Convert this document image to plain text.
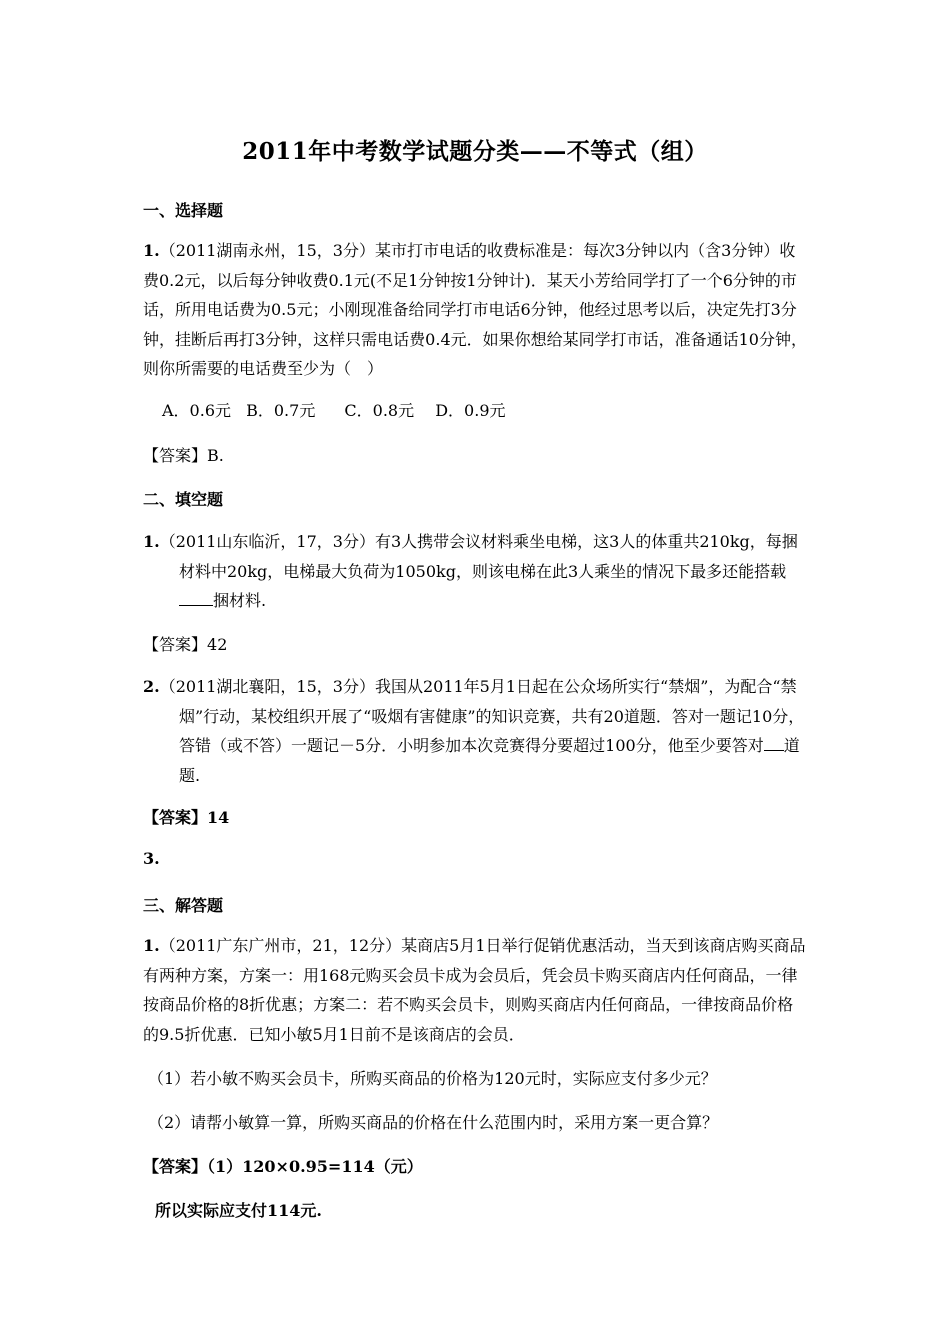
2011年中考数学试题分类——不等式（组）
一、选择题
1.（2011湖南永州，15，3分）某市打市电话的收费标准是：每次3分钟以内（含3分钟）收费0.2元，以后每分钟收费0.1元(不足1分钟按1分钟计)．某天小芳给同学打了一个6分钟的市话，所用电话费为0.5元；小刚现准备给同学打市电话6分钟，他经过思考以后，决定先打3分钟，挂断后再打3分钟，这样只需电话费0.4元．如果你想给某同学打市话，准备通话10分钟，则你所需要的电话费至少为（　）
A．0.6元 B．0.7元 C．0.8元 D．0.9元
【答案】B.
二、填空题
1.（2011山东临沂，17，3分）有3人携带会议材料乘坐电梯，这3人的体重共210kg，每捆材料中20kg，电梯最大负荷为1050kg，则该电梯在此3人乘坐的情况下最多还能搭载捆材料.
【答案】42
2.（2011湖北襄阳，15，3分）我国从2011年5月1日起在公众场所实行“禁烟”，为配合“禁烟”行动，某校组织开展了“吸烟有害健康”的知识竞赛，共有20道题．答对一题记10分，答错（或不答）一题记－5分．小明参加本次竞赛得分要超过100分，他至少要答对 道题.
【答案】14
3.
三、解答题
1.（2011广东广州市，21，12分）某商店5月1日举行促销优惠活动，当天到该商店购买商品有两种方案，方案一：用168元购买会员卡成为会员后，凭会员卡购买商店内任何商品，一律按商品价格的8折优惠；方案二：若不购买会员卡，则购买商店内任何商品，一律按商品价格的9.5折优惠．已知小敏5月1日前不是该商店的会员．
（1）若小敏不购买会员卡，所购买商品的价格为120元时，实际应支付多少元？
（2）请帮小敏算一算，所购买商品的价格在什么范围内时，采用方案一更合算？
【答案】（1）120×0.95=114（元）
所以实际应支付114元.
